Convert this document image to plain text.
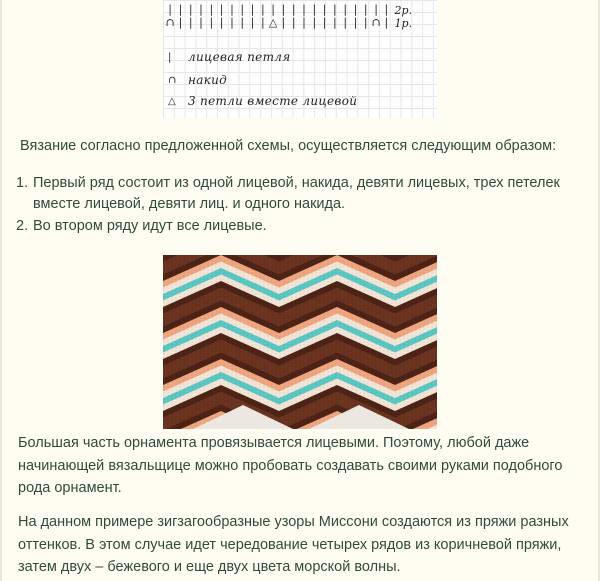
| | | | | | | | | | | | | | | | | | | | | | 2р.
∩ | | | | | | | | | △ | | | | | | | | | ∩ | 1р.
|	лицевая петля
∩ накид
△	3 петли вместе лицевой
Вязание согласно предложенной схемы, осуществляется следующим образом:
1. Первый ряд состоит из одной лицевой, накида, девяти лицевых, трех петелек вместе лицевой, девяти лиц. и одного накида.
2. Во втором ряду идут все лицевые.

Большая часть орнамента провязывается лицевыми. Поэтому, любой даже начинающей вязальщице можно пробовать создавать своими руками подобного рода орнамент.

На данном примере зигзагообразные узоры Миссони создаются из пряжи разных оттенков. В этом случае идет чередование четырех рядов из коричневой пряжи, затем двух – бежевого и еще двух цвета морской волны.
